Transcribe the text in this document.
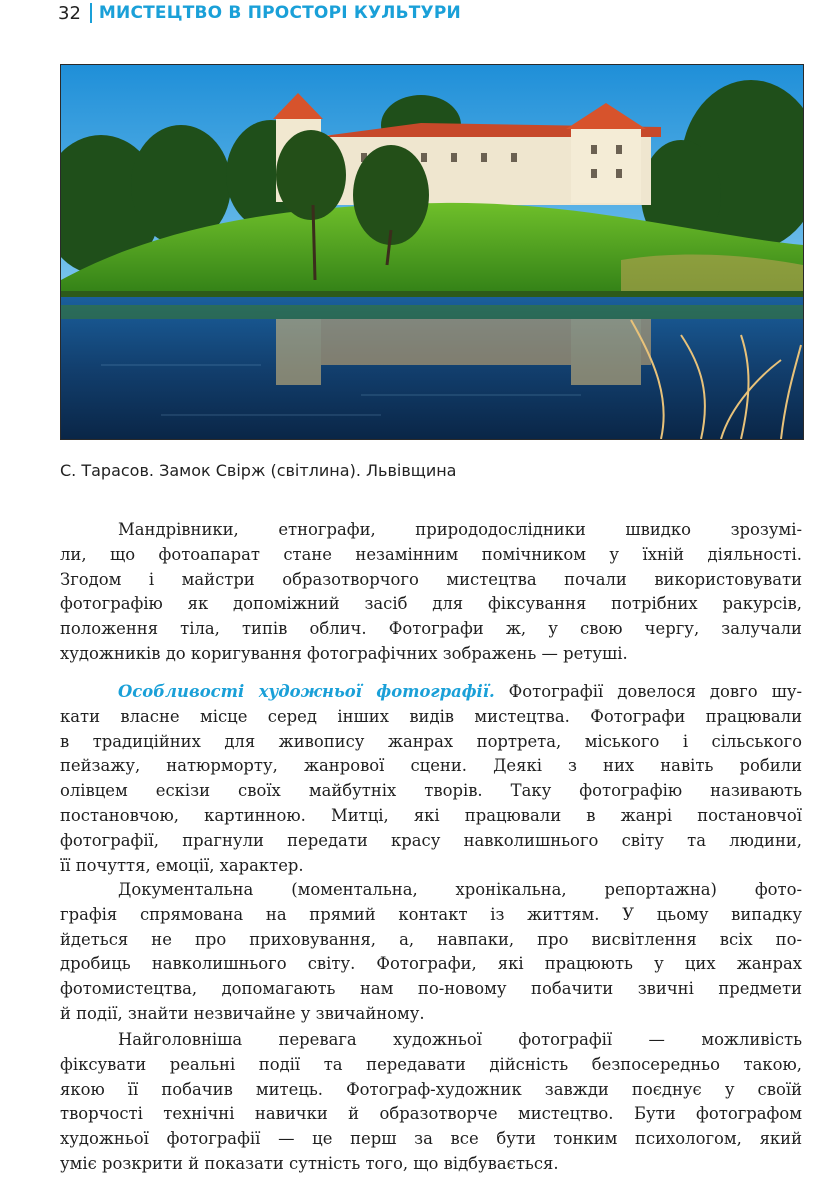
32 МИСТЕЦТВО В ПРОСТОРІ КУЛЬТУРИ
С. Тарасов. Замок Свірж (світлина). Львівщина
Мандрівники, етнографи, природодослідники швидко зрозумі-
ли, що фотоапарат стане незамінним помічником у їхній діяльності.
Згодом і майстри образотворчого мистецтва почали використовувати
фотографію як допоміжний засіб для фіксування потрібних ракурсів,
положення тіла, типів облич. Фотографи ж, у свою чергу, залучали
художників до коригування фотографічних зображень — ретуші.
Особливості художньої фотографії. Фотографії довелося довго шу-
кати власне місце серед інших видів мистецтва. Фотографи працювали
в традиційних для живопису жанрах портрета, міського і сільського
пейзажу, натюрморту, жанрової сцени. Деякі з них навіть робили
олівцем ескізи своїх майбутніх творів. Таку фотографію називають
постановчою, картинною. Митці, які працювали в жанрі постановчої
фотографії, прагнули передати красу навколишнього світу та людини,
її почуття, емоції, характер.
Документальна (моментальна, хронікальна, репортажна) фото-
графія спрямована на прямий контакт із життям. У цьому випадку
йдеться не про приховування, а, навпаки, про висвітлення всіх по-
дробиць навколишнього світу. Фотографи, які працюють у цих жанрах
фотомистецтва, допомагають нам по-новому побачити звичні предмети
й події, знайти незвичайне у звичайному.
Найголовніша перевага художньої фотографії — можливість
фіксувати реальні події та передавати дійсність безпосередньо такою,
якою її побачив митець. Фотограф-художник завжди поєднує у своїй
творчості технічні навички й образотворче мистецтво. Бути фотографом
художньої фотографії — це перш за все бути тонким психологом, який
уміє розкрити й показати сутність того, що відбувається.
